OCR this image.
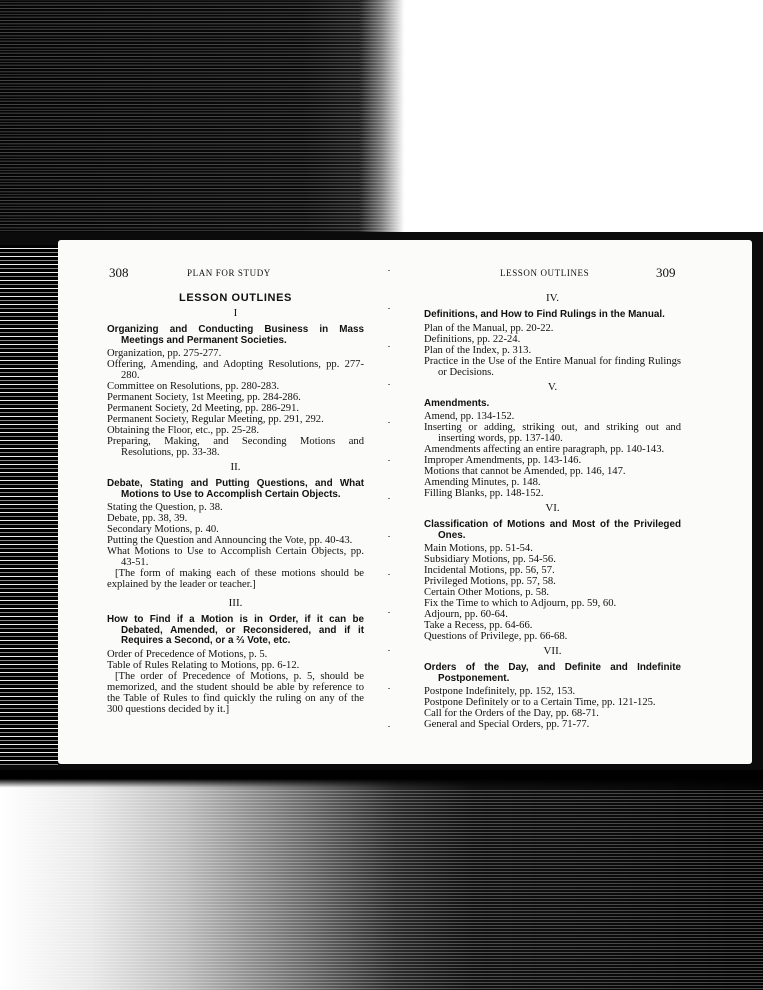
308	PLAN FOR STUDY
LESSON OUTLINES
I
Organizing and Conducting Business in Mass Meetings and Permanent Societies.
Organization, pp. 275-277.
Offering, Amending, and Adopting Resolutions, pp. 277-280.
Committee on Resolutions, pp. 280-283.
Permanent Society, 1st Meeting, pp. 284-286.
Permanent Society, 2d Meeting, pp. 286-291.
Permanent Society, Regular Meeting, pp. 291, 292.
Obtaining the Floor, etc., pp. 25-28.
Preparing, Making, and Seconding Motions and Resolutions, pp. 33-38.
II.
Debate, Stating and Putting Questions, and What Motions to Use to Accomplish Certain Objects.
Stating the Question, p. 38.
Debate, pp. 38, 39.
Secondary Motions, p. 40.
Putting the Question and Announcing the Vote, pp. 40-43.
What Motions to Use to Accomplish Certain Objects, pp. 43-51.
[The form of making each of these motions should be explained by the leader or teacher.]
III.
How to Find if a Motion is in Order, if it can be Debated, Amended, or Reconsidered, and if it Requires a Second, or a ⅔ Vote, etc.
Order of Precedence of Motions, p. 5.
Table of Rules Relating to Motions, pp. 6-12.
[The order of Precedence of Motions, p. 5, should be memorized, and the student should be able by reference to the Table of Rules to find quickly the ruling on any of the 300 questions decided by it.]
LESSON OUTLINES	309
IV.
Definitions, and How to Find Rulings in the Manual.
Plan of the Manual, pp. 20-22.
Definitions, pp. 22-24.
Plan of the Index, p. 313.
Practice in the Use of the Entire Manual for finding Rulings or Decisions.
V.
Amendments.
Amend, pp. 134-152.
Inserting or adding, striking out, and striking out and inserting words, pp. 137-140.
Amendments affecting an entire paragraph, pp. 140-143.
Improper Amendments, pp. 143-146.
Motions that cannot be Amended, pp. 146, 147.
Amending Minutes, p. 148.
Filling Blanks, pp. 148-152.
VI.
Classification of Motions and Most of the Privileged Ones.
Main Motions, pp. 51-54.
Subsidiary Motions, pp. 54-56.
Incidental Motions, pp. 56, 57.
Privileged Motions, pp. 57, 58.
Certain Other Motions, p. 58.
Fix the Time to which to Adjourn, pp. 59, 60.
Adjourn, pp. 60-64.
Take a Recess, pp. 64-66.
Questions of Privilege, pp. 66-68.
VII.
Orders of the Day, and Definite and Indefinite Postponement.
Postpone Indefinitely, pp. 152, 153.
Postpone Definitely or to a Certain Time, pp. 121-125.
Call for the Orders of the Day, pp. 68-71.
General and Special Orders, pp. 71-77.
